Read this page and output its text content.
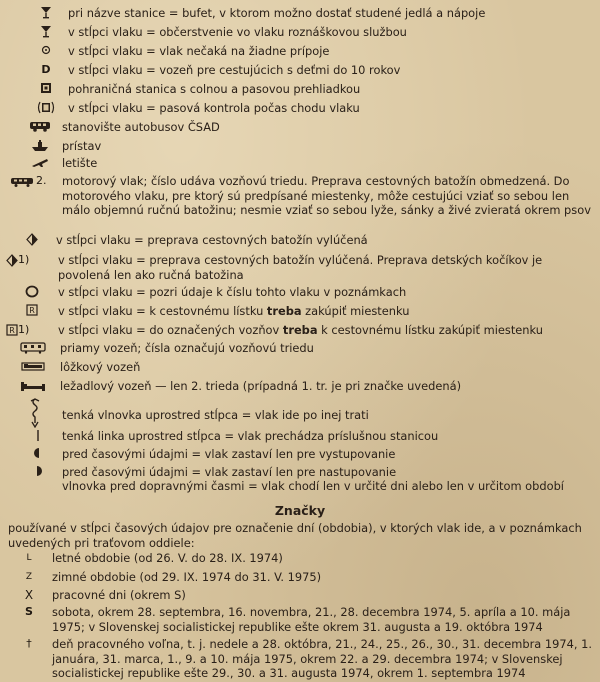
pri názve stanice = bufet, v ktorom možno dostať studené jedlá a nápoje
v stĺpci vlaku = občerstvenie vo vlaku roznáškovou službou
v stĺpci vlaku = vlak nečaká na žiadne prípoje
D	v stĺpci vlaku = vozeň pre cestujúcich s deťmi do 10 rokov
pohraničná stanica s colnou a pasovou prehliadkou
v stĺpci vlaku = pasová kontrola počas chodu vlaku
stanovište autobusov ČSAD
prístav
letište
2.	motorový vlak; číslo udáva vozňovú triedu. Preprava cestovných batožín obmedzená. Do motorového vlaku, pre ktorý sú predpísané miestenky, môže cestujúci vziať so sebou len málo objemnú ručnú batožinu; nesmie vziať so sebou lyže, sánky a živé zvieratá okrem psov
v stĺpci vlaku = preprava cestovných batožín vylúčená
1)	v stĺpci vlaku = preprava cestovných batožín vylúčená. Preprava detských kočíkov je povolená len ako ručná batožina
v stĺpci vlaku = pozri údaje k číslu tohto vlaku v poznámkach
R v stĺpci vlaku = k cestovnému lístku treba zakúpiť miestenku
R 1)	v stĺpci vlaku = do označených vozňov treba k cestovnému lístku zakúpiť miestenku
priamy vozeň; čísla označujú vozňovú triedu
lôžkový vozeň
ležadlový vozeň — len 2. trieda (prípadná 1. tr. je pri značke uvedená)
tenká vlnovka uprostred stĺpca = vlak ide po inej trati
tenká linka uprostred stĺpca = vlak prechádza príslušnou stanicou
pred časovými údajmi = vlak zastaví len pre vystupovanie
pred časovými údajmi = vlak zastaví len pre nastupovanie
vlnovka pred dopravnými časmi = vlak chodí len v určité dni alebo len v určitom období
Značky
používané v stĺpci časových údajov pre označenie dní (obdobia), v ktorých vlak ide, a v poznámkach uvedených pri traťovom oddiele:
L	letné obdobie (od 26. V. do 28. IX. 1974)
Z	zimné obdobie (od 29. IX. 1974 do 31. V. 1975)
X	pracovné dni (okrem S)
S	sobota, okrem 28. septembra, 16. novembra, 21., 28. decembra 1974, 5. apríla a 10. mája 1975; v Slovenskej socialistickej republike ešte okrem 31. augusta a 19. októbra 1974
†	deň pracovného voľna, t. j. nedele a 28. októbra, 21., 24., 25., 26., 30., 31. decembra 1974, 1. januára, 31. marca, 1., 9. a 10. mája 1975, okrem 22. a 29. decembra 1974; v Slovenskej socialistickej republike ešte 29., 30. a 31. augusta 1974, okrem 1. septembra 1974
